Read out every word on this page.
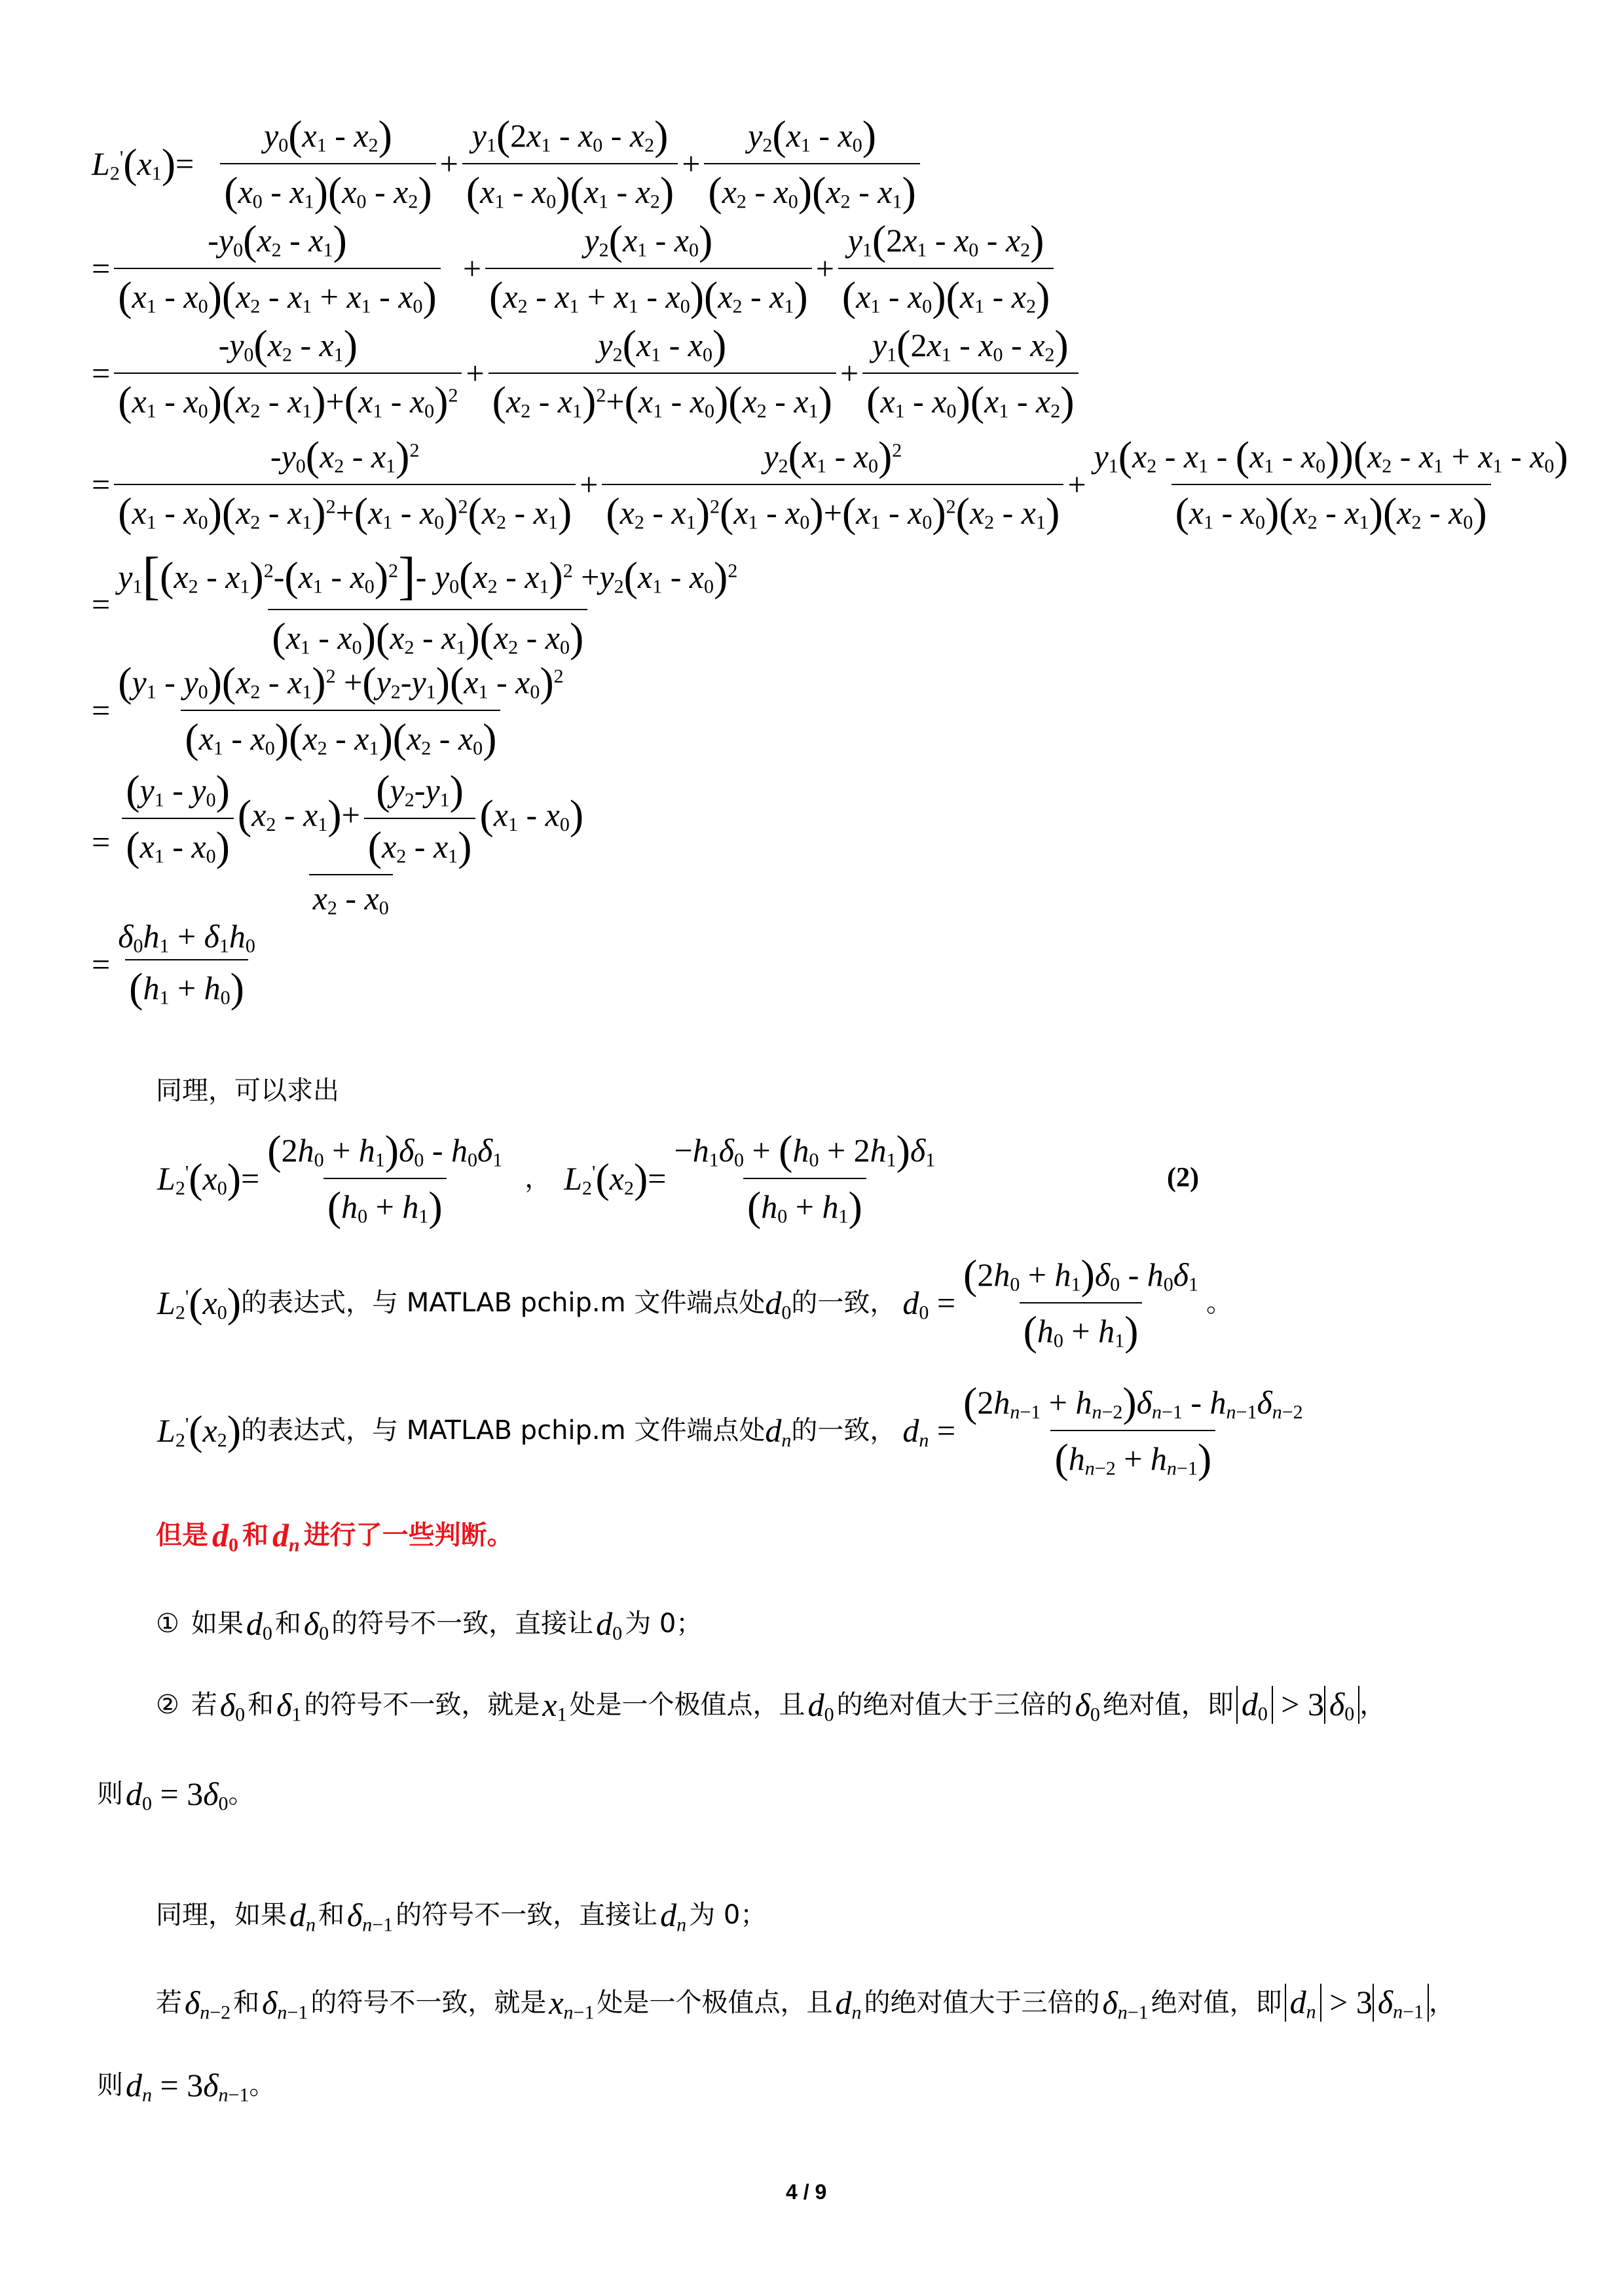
$L_2'(x_1)= \frac{y_0(x_1 - x_2)}{(x_0 - x_1)(x_0 - x_2)} + \frac{y_1(2x_1 - x_0 - x_2)}{(x_1 - x_0)(x_1 - x_2)} + \frac{y_2(x_1 - x_0)}{(x_2 - x_0)(x_2 - x_1)}$
= $\frac{-y_0(x_2 - x_1)}{(x_1 - x_0)(x_2 - x_1 + x_1 - x_0)} + \frac{y_2(x_1 - x_0)}{(x_2 - x_1 + x_1 - x_0)(x_2 - x_1)} + \frac{y_1(2x_1 - x_0 - x_2)}{(x_1 - x_0)(x_1 - x_2)}$
= $\frac{-y_0(x_2 - x_1)}{(x_1 - x_0)(x_2 - x_1)+(x_1 - x_0)^2} + \frac{y_2(x_1 - x_0)}{(x_2 - x_1)^2+(x_1 - x_0)(x_2 - x_1)} + \frac{y_1(2x_1 - x_0 - x_2)}{(x_1 - x_0)(x_1 - x_2)}$
= $\frac{-y_0(x_2 - x_1)^2}{(x_1 - x_0)(x_2 - x_1)^2+(x_1 - x_0)^2(x_2 - x_1)} + \frac{y_2(x_1 - x_0)^2}{(x_2 - x_1)^2(x_1 - x_0)+(x_1 - x_0)^2(x_2 - x_1)} + \frac{y_1(x_2 - x_1 - (x_1 - x_0))(x_2 - x_1 + x_1 - x_0)}{(x_1 - x_0)(x_2 - x_1)(x_2 - x_0)}$
= $\frac{y_1[(x_2 - x_1)^2-(x_1 - x_0)^2]- y_0(x_2 - x_1)^2 +y_2(x_1 - x_0)^2}{(x_1 - x_0)(x_2 - x_1)(x_2 - x_0)}$
= $\frac{(y_1 - y_0)(x_2 - x_1)^2 +(y_2-y_1)(x_1 - x_0)^2}{(x_1 - x_0)(x_2 - x_1)(x_2 - x_0)}$
= $\frac{(y_1 - y_0)}{(x_1 - x_0)} (x_2 - x_1)+ \frac{(y_2-y_1)}{(x_2 - x_1)} (x_1 - x_0)$
$x_2 - x_0$
= $\frac{\delta_0h_1 + \delta_1h_0}{(h_1 + h_0)}$
同理，可以求出
$L_2'(x_0)= \frac{(2h_0 + h_1)\delta_0 - h_0\delta_1}{(h_0 + h_1)}$ ， $L_2'(x_2)= \frac{-h_1\delta_0 + (h_0 + 2h_1)\delta_1}{(h_0 + h_1)}$	(2)
$L_2'(x_0)$ 的表达式，与 MATLAB pchip.m 文件端点处 $d_0$ 的一致， $d_0 = \frac{(2h_0 + h_1)\delta_0 - h_0\delta_1}{(h_0 + h_1)}$ 。
$L_2'(x_2)$ 的表达式，与 MATLAB pchip.m 文件端点处 $d_n$ 的一致， $d_n = \frac{(2h_{n-1} + h_{n-2})\delta_{n-1} - h_{n-1}\delta_{n-2}}{(h_{n-2} + h_{n-1})}$
但是 $d_0$ 和 $d_n$ 进行了一些判断。
① 如果 $d_0$ 和 $\delta_0$ 的符号不一致，直接让 $d_0$ 为 0；
② 若 $\delta_0$ 和 $\delta_1$ 的符号不一致，就是 $x_1$ 处是一个极值点，且 $d_0$ 的绝对值大于三倍的 $\delta_0$ 绝对值，即 $d_0 > 3$ $\delta_0$ ，
则 $d_0 = 3\delta_0$ 。
同理，如果 $d_n$ 和 $\delta_{n-1}$ 的符号不一致，直接让 $d_n$ 为 0；
若 $\delta_{n-2}$ 和 $\delta_{n-1}$ 的符号不一致，就是 $x_{n-1}$ 处是一个极值点，且 $d_n$ 的绝对值大于三倍的 $\delta_{n-1}$ 绝对值，即 $d_n > 3$ $\delta_{n-1}$ ，
则 $d_n = 3\delta_{n-1}$ 。
4 / 9
